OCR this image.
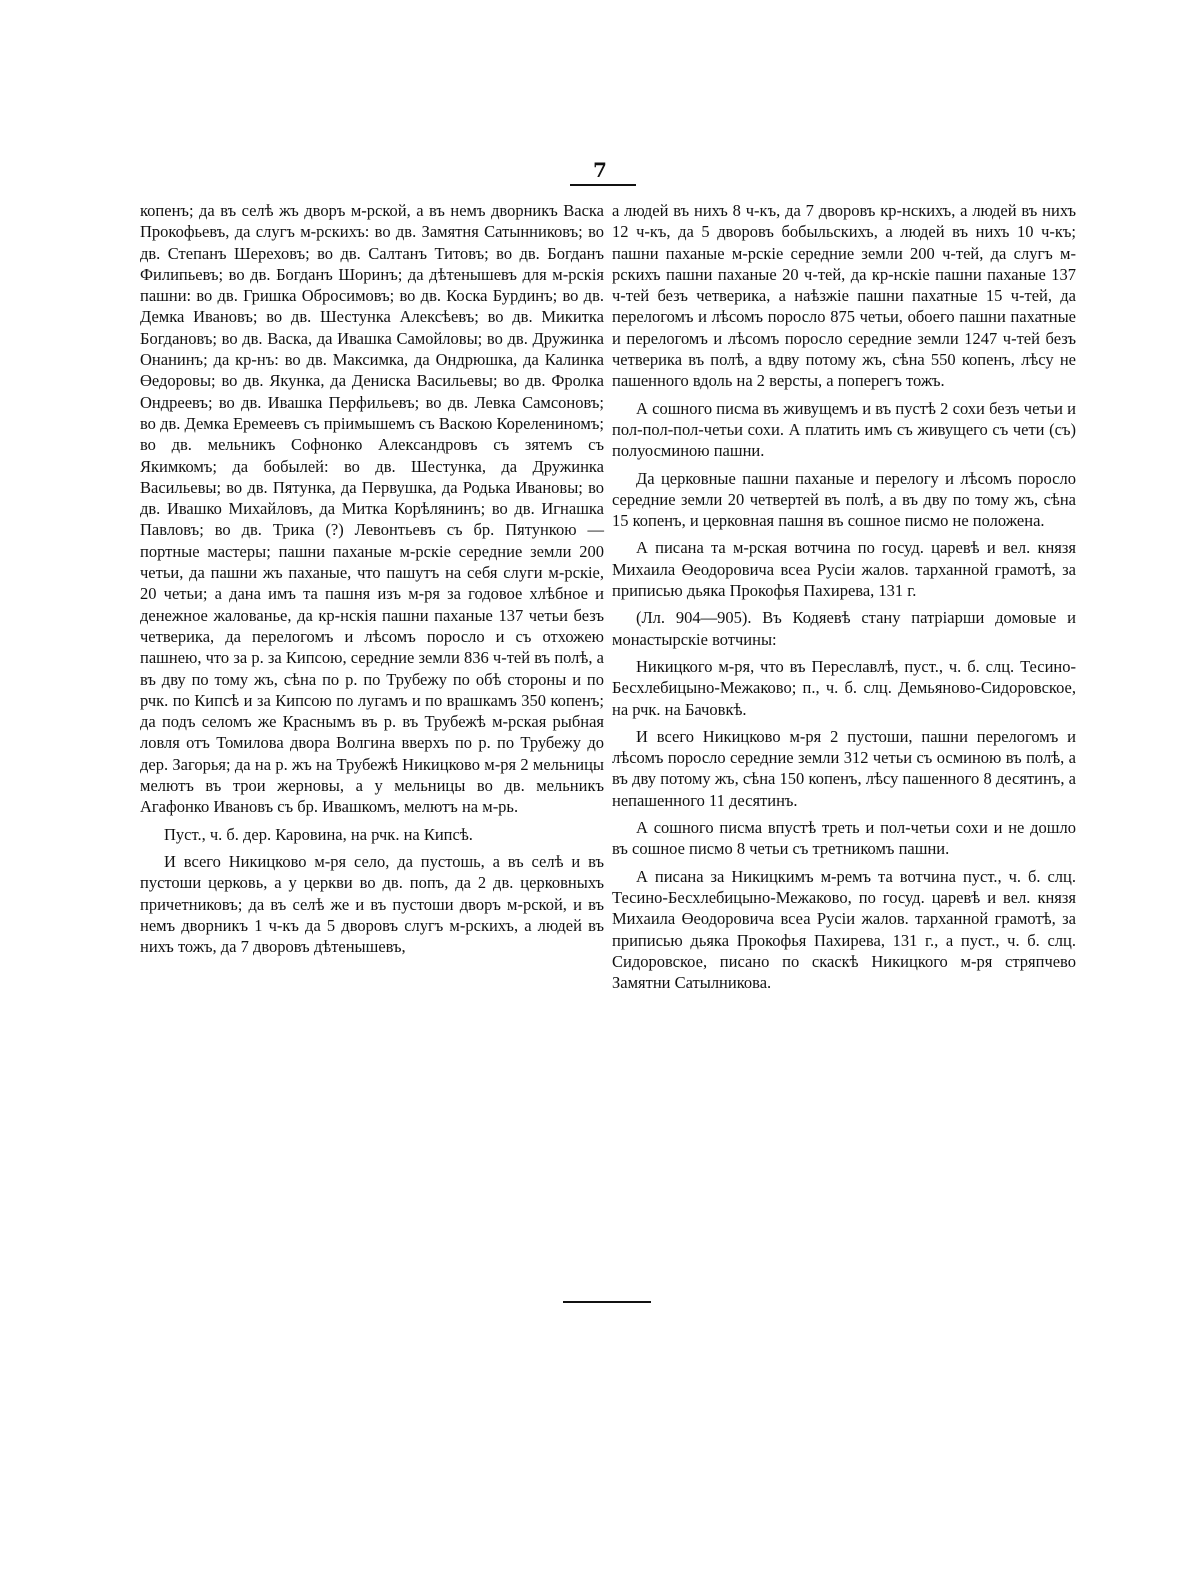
7

копенъ; да въ селѣ жъ дворъ м-рской, а въ немъ дворникъ Васка Прокофьевъ, да слугъ м-рскихъ: во дв. Замятня Сатынниковъ; во дв. Степанъ Шереховъ; во дв. Салтанъ Титовъ; во дв. Богданъ Филипьевъ; во дв. Богданъ Шоринъ; да дѣтенышевъ для м-рскія пашни: во дв. Гришка Обросимовъ; во дв. Коска Бурдинъ; во дв. Демка Ивановъ; во дв. Шестунка Алексѣевъ; во дв. Микитка Богдановъ; во дв. Васка, да Ивашка Самойловы; во дв. Дружинка Онанинъ; да кр-нъ: во дв. Максимка, да Ондрюшка, да Калинка Өедоровы; во дв. Якунка, да Дениска Васильевы; во дв. Фролка Ондреевъ; во дв. Ивашка Перфильевъ; во дв. Левка Самсоновъ; во дв. Демка Еремеевъ съ пріимышемъ съ Васкою Корелениномъ; во дв. мельникъ Софнонко Александровъ съ зятемъ съ Якимкомъ; да бобылей: во дв. Шестунка, да Дружинка Васильевы; во дв. Пятунка, да Первушка, да Родька Ивановы; во дв. Ивашко Михайловъ, да Митка Корѣлянинъ; во дв. Игнашка Павловъ; во дв. Трика (?) Левонтьевъ съ бр. Пятункою — портные мастеры; пашни паханые м-рскіе середние земли 200 четьи, да пашни жъ паханые, что пашутъ на себя слуги м-рскіе, 20 четьи; а дана имъ та пашня изъ м-ря за годовое хлѣбное и денежное жалованье, да кр-нскія пашни паханые 137 четьи безъ четверика, да перелогомъ и лѣсомъ поросло и съ отхожею пашнею, что за р. за Кипсою, середние земли 836 ч-тей въ полѣ, а въ дву по тому жъ, сѣна по р. по Трубежу по обѣ стороны и по рчк. по Кипсѣ и за Кипсою по лугамъ и по врашкамъ 350 копенъ; да подъ селомъ же Краснымъ въ р. въ Трубежѣ м-рская рыбная ловля отъ Томилова двора Волгина вверхъ по р. по Трубежу до дер. Загорья; да на р. жъ на Трубежѣ Никицково м-ря 2 мельницы мелютъ въ трои жерновы, а у мельницы во дв. мельникъ Агафонко Ивановъ съ бр. Ивашкомъ, мелютъ на м-рь.

Пуст., ч. б. дер. Каровина, на рчк. на Кипсѣ.

И всего Никицково м-ря село, да пустошь, а въ селѣ и въ пустоши церковь, а у церкви во дв. попъ, да 2 дв. церковныхъ причетниковъ; да въ селѣ же и въ пустоши дворъ м-рской, и въ немъ дворникъ 1 ч-къ да 5 дворовъ слугъ м-рскихъ, а людей въ нихъ тожъ, да 7 дворовъ дѣтенышевъ,

а людей въ нихъ 8 ч-къ, да 7 дворовъ кр-нскихъ, а людей въ нихъ 12 ч-къ, да 5 дворовъ бобыльскихъ, а людей въ нихъ 10 ч-къ; пашни паханые м-рскіе середние земли 200 ч-тей, да слугъ м-рскихъ пашни паханые 20 ч-тей, да кр-нскіе пашни паханые 137 ч-тей безъ четверика, а наѣзжіе пашни пахатные 15 ч-тей, да перелогомъ и лѣсомъ поросло 875 четьи, обоего пашни пахатные и перелогомъ и лѣсомъ поросло середние земли 1247 ч-тей безъ четверика въ полѣ, а вдву потому жъ, сѣна 550 копенъ, лѣсу не пашенного вдоль на 2 версты, а поперегъ тожъ.

А сошного писма въ живущемъ и въ пустѣ 2 сохи безъ четьи и пол-пол-пол-четьи сохи. А платить имъ съ живущего съ чети (съ) полуосминою пашни.

Да церковные пашни паханые и перелогу и лѣсомъ поросло середние земли 20 четвертей въ полѣ, а въ дву по тому жъ, сѣна 15 копенъ, и церковная пашня въ сошное писмо не положена.

А писана та м-рская вотчина по госуд. царевѣ и вел. князя Михаила Өеодоровича всеа Русіи жалов. тарханной грамотѣ, за приписью дьяка Прокофья Пахирева, 131 г.

(Лл. 904—905). Въ Кодяевѣ стану патріарши домовые и монастырскіе вотчины:

Никицкого м-ря, что въ Переславлѣ, пуст., ч. б. слц. Тесино-Бесхлебицыно-Межаково; п., ч. б. слц. Демьяново-Сидоровское, на рчк. на Бачовкѣ.

И всего Никицково м-ря 2 пустоши, пашни перелогомъ и лѣсомъ поросло середние земли 312 четьи съ осминою въ полѣ, а въ дву потому жъ, сѣна 150 копенъ, лѣсу пашенного 8 десятинъ, а непашенного 11 десятинъ.

А сошного писма впустѣ треть и пол-четьи сохи и не дошло въ сошное писмо 8 четьи съ третникомъ пашни.

А писана за Никицкимъ м-ремъ та вотчина пуст., ч. б. слц. Тесино-Бесхлебицыно-Межаково, по госуд. царевѣ и вел. князя Михаила Өеодоровича всеа Русіи жалов. тарханной грамотѣ, за приписью дьяка Прокофья Пахирева, 131 г., а пуст., ч. б. слц. Сидоровское, писано по скаскѣ Никицкого м-ря стряпчево Замятни Сатылникова.
